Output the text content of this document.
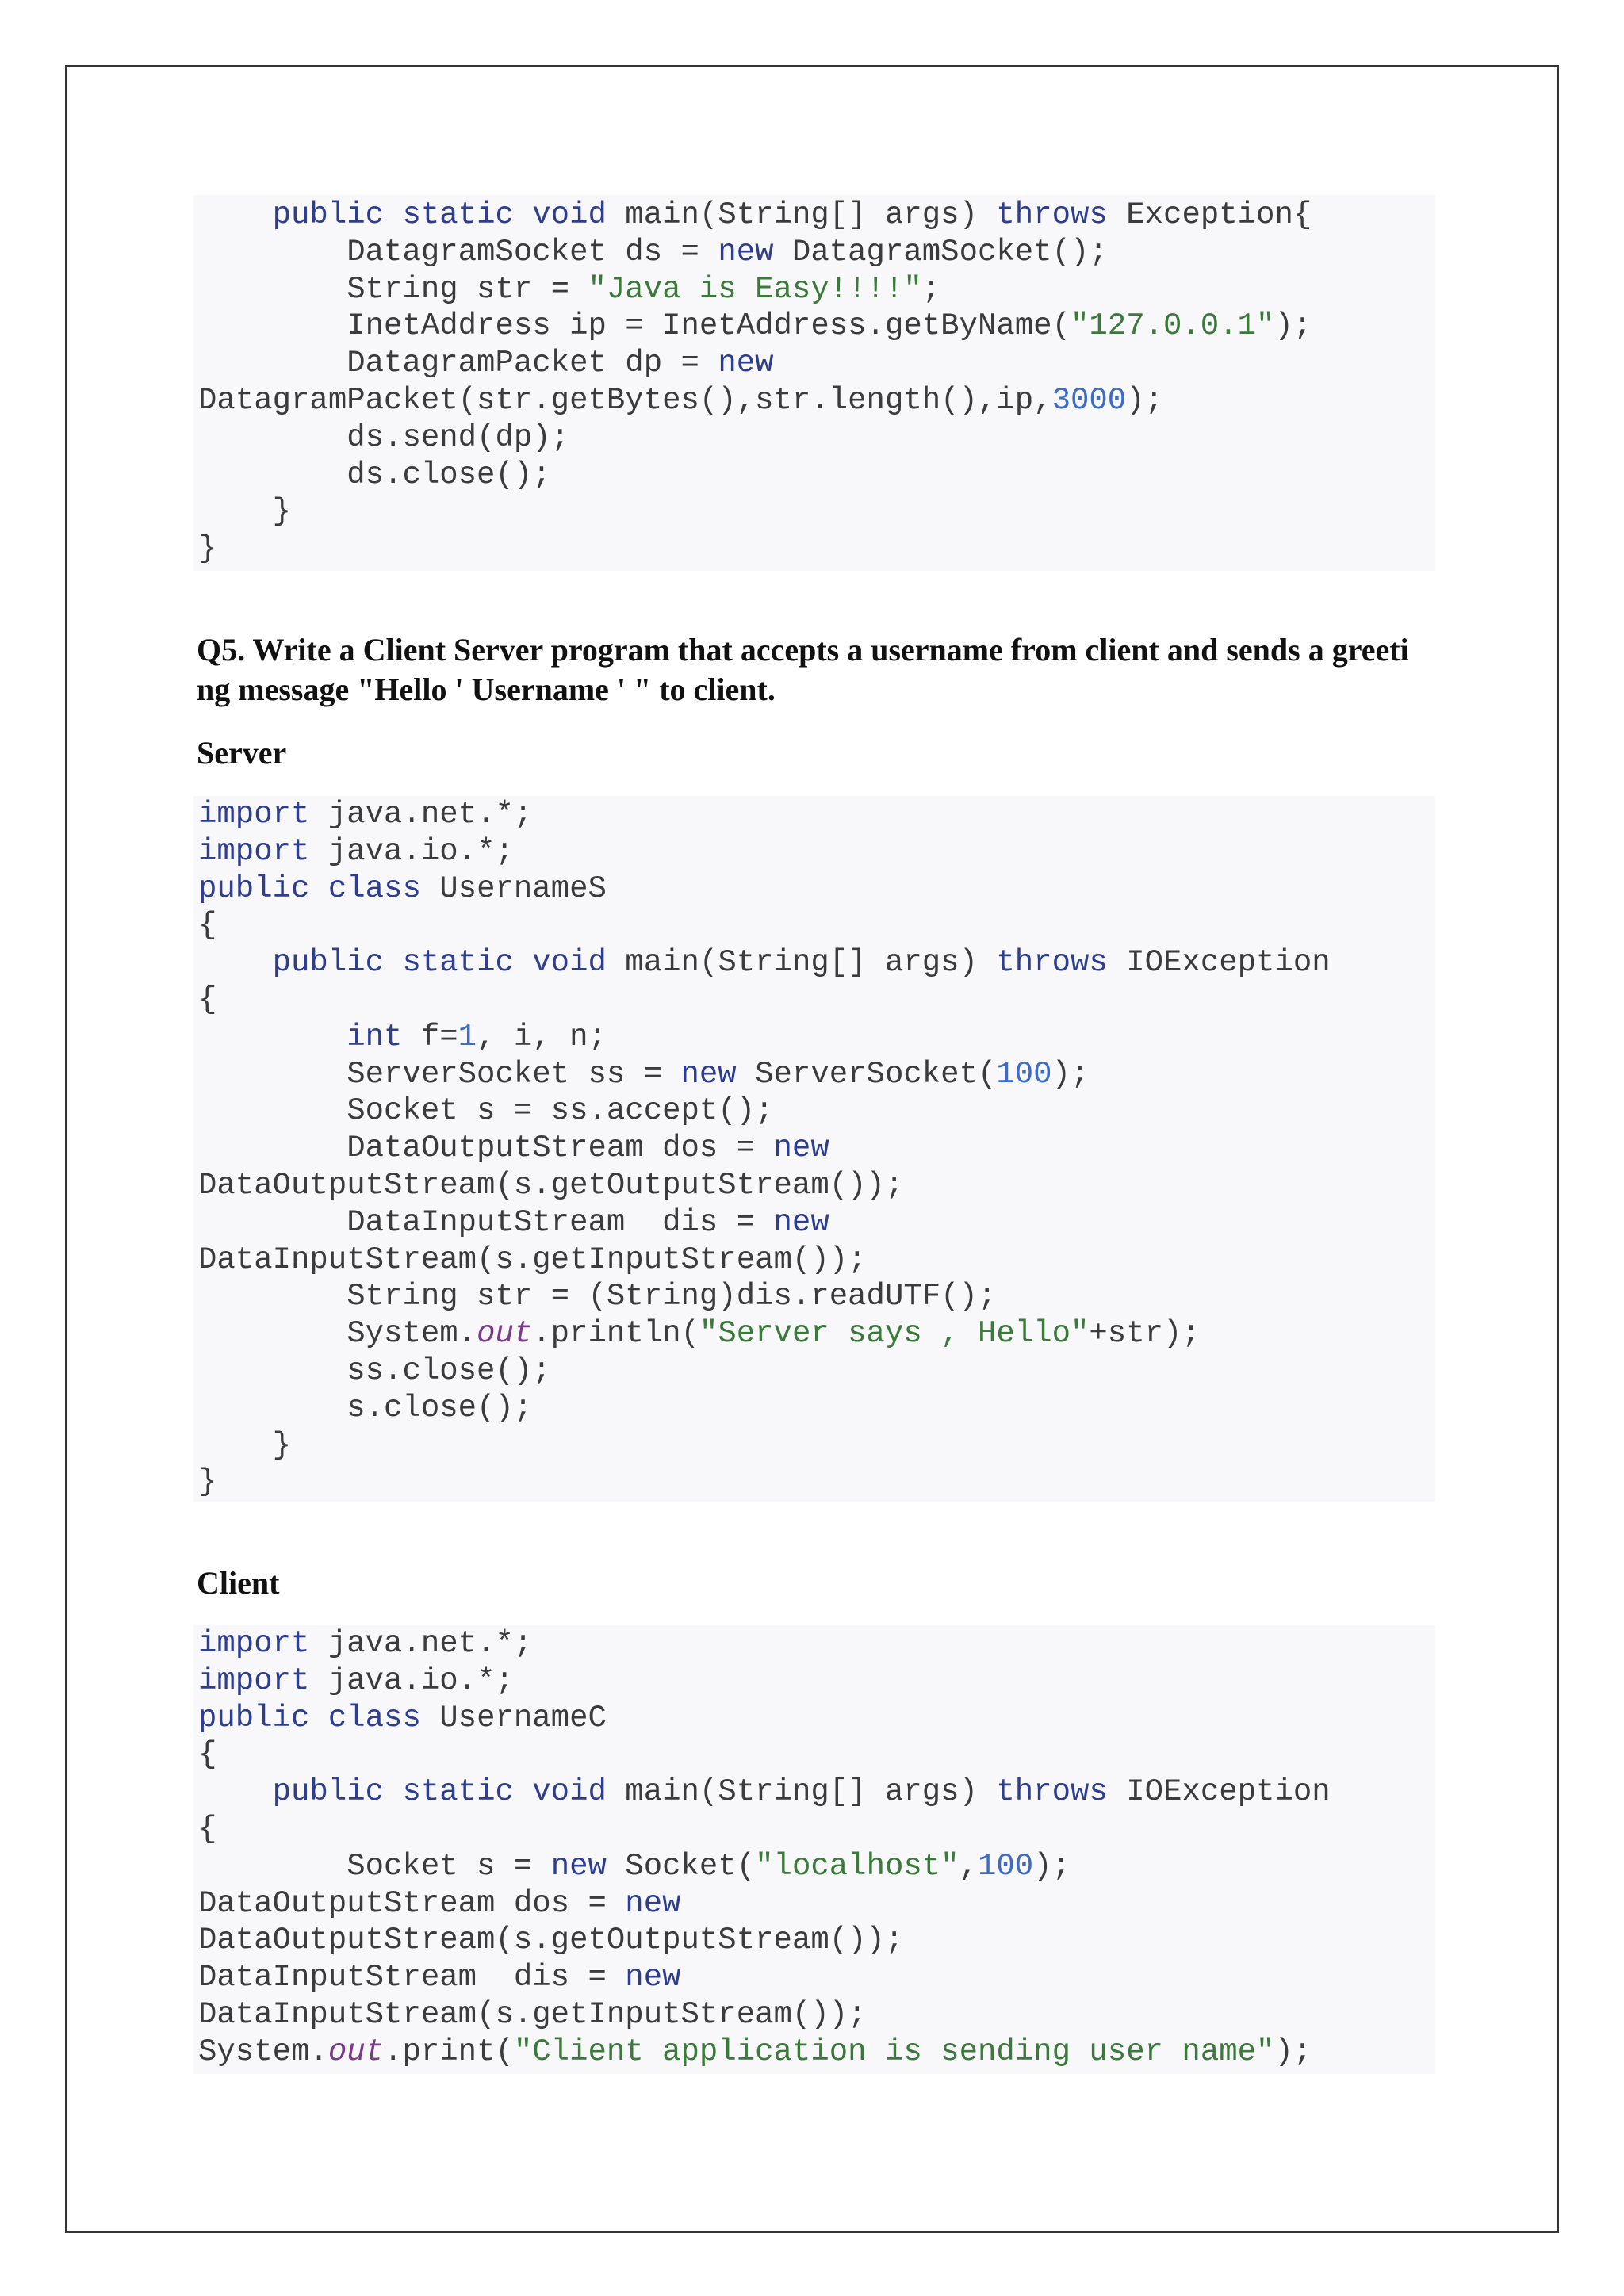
public static void main(String[] args) throws Exception{
DatagramSocket ds = new DatagramSocket();
String str = "Java is Easy!!!!";
InetAddress ip = InetAddress.getByName("127.0.0.1");
DatagramPacket dp = new
DatagramPacket(str.getBytes(),str.length(),ip,3000);
ds.send(dp);
ds.close();
}
}
Q5. Write a Client Server program that accepts a username from client and sends a greeti ng message "Hello ' Username ' " to client.
Server
import java.net.*;
import java.io.*;
public class UsernameS
{
public static void main(String[] args) throws IOException
{
int f=1, i, n;
ServerSocket ss = new ServerSocket(100);
Socket s = ss.accept();
DataOutputStream dos = new
DataOutputStream(s.getOutputStream());
DataInputStream  dis = new
DataInputStream(s.getInputStream());
String str = (String)dis.readUTF();
System.out.println("Server says , Hello"+str);
ss.close();
s.close();
}
}
Client
import java.net.*;
import java.io.*;
public class UsernameC
{
public static void main(String[] args) throws IOException
{
Socket s = new Socket("localhost",100);
DataOutputStream dos = new
DataOutputStream(s.getOutputStream());
DataInputStream  dis = new
DataInputStream(s.getInputStream());
System.out.print("Client application is sending user name");
